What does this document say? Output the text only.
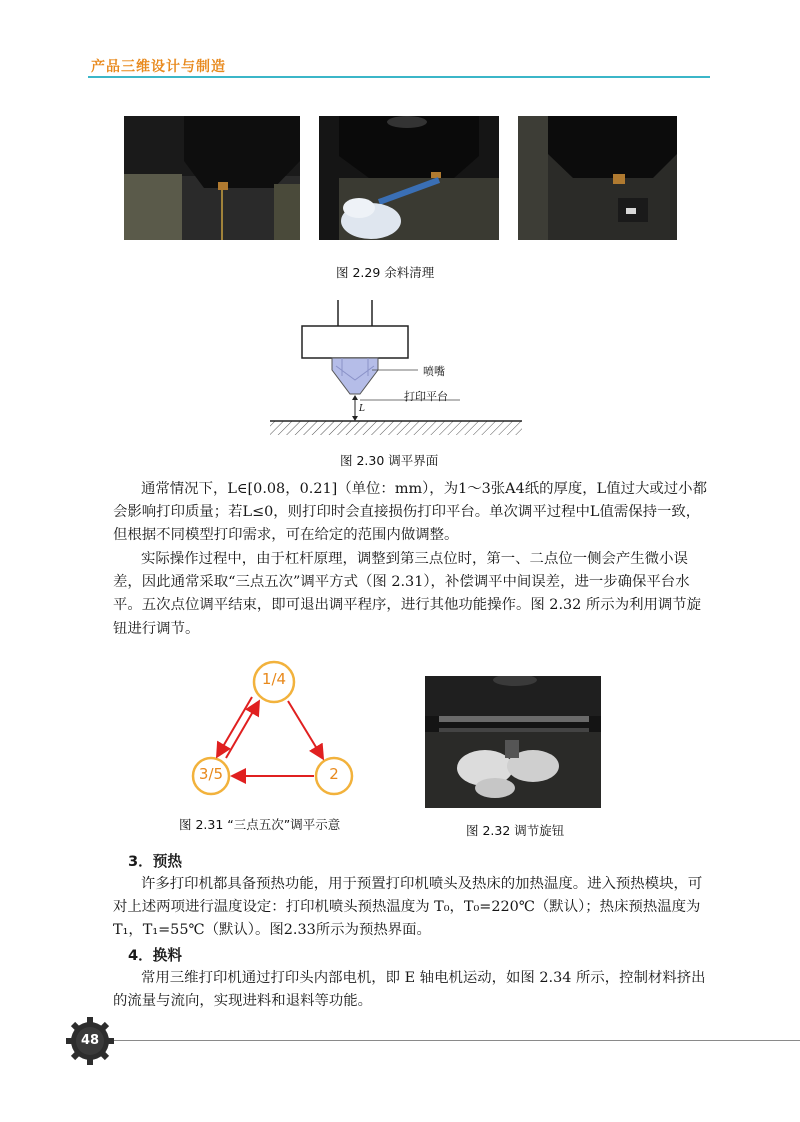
产品三维设计与制造
图 2.29 余料清理
喷嘴
打印平台
L
图 2.30 调平界面
通常情况下，L∈[0.08，0.21]（单位：mm），为1～3张A4纸的厚度，L值过大或过小都会影响打印质量；若L≤0，则打印时会直接损伤打印平台。单次调平过程中L值需保持一致，但根据不同模型打印需求，可在给定的范围内做调整。
实际操作过程中，由于杠杆原理，调整到第三点位时，第一、二点位一侧会产生微小误差，因此通常采取“三点五次”调平方式（图 2.31），补偿调平中间误差，进一步确保平台水平。五次点位调平结束，即可退出调平程序，进行其他功能操作。图 2.32 所示为利用调节旋钮进行调节。
1/4
2
3/5
图 2.31 “三点五次”调平示意	图 2.32 调节旋钮
3．预热
许多打印机都具备预热功能，用于预置打印机喷头及热床的加热温度。进入预热模块，可对上述两项进行温度设定：打印机喷头预热温度为 T₀，T₀=220℃（默认）；热床预热温度为T₁，T₁=55℃（默认）。图2.33所示为预热界面。
4．换料
常用三维打印机通过打印头内部电机，即 E 轴电机运动，如图 2.34 所示，控制材料挤出的流量与流向，实现进料和退料等功能。
48
